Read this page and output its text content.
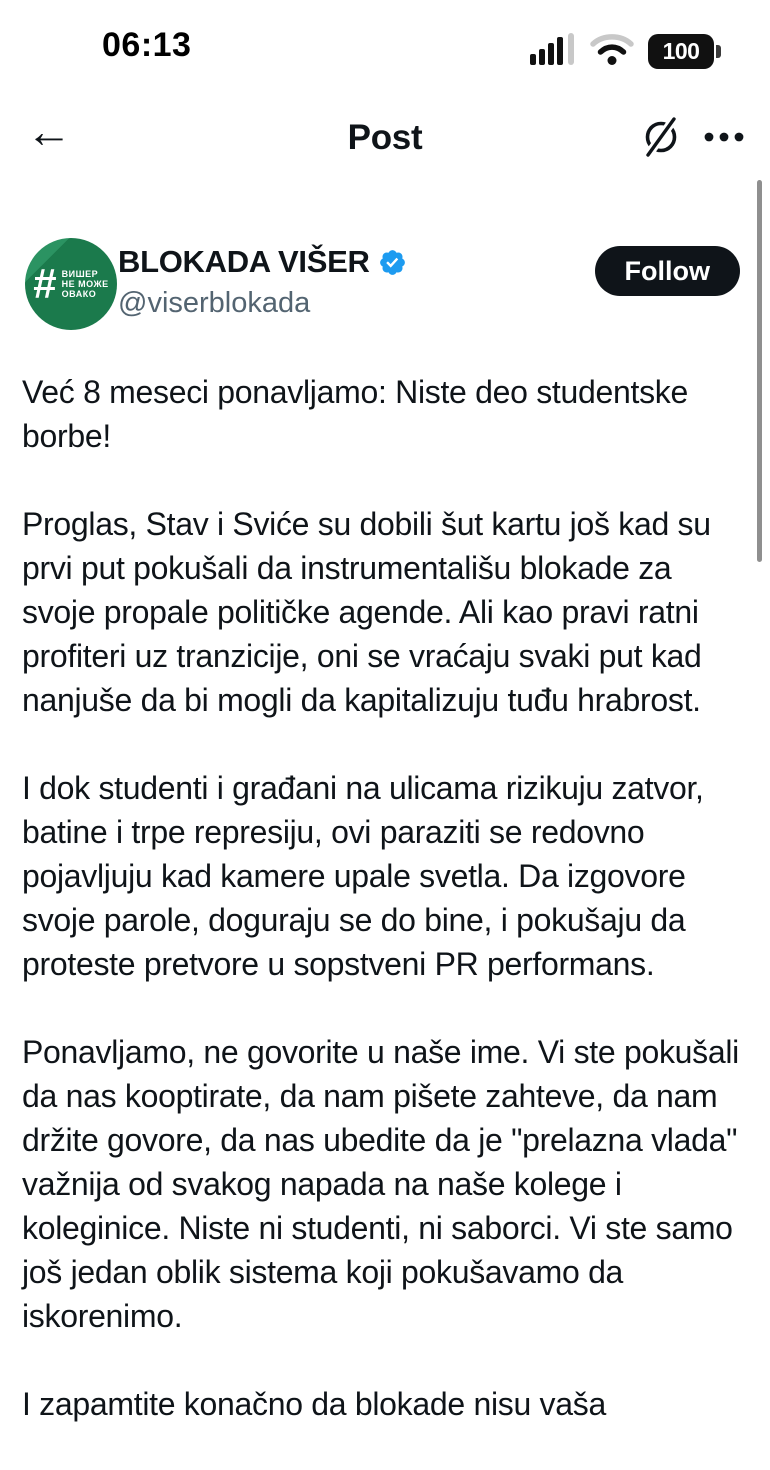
06:13	100
←	Post
# ВИШЕР
НЕ МОЖЕ
ОВАКО
BLOKADA VIŠER
@viserblokada
Follow

Već 8 meseci ponavljamo: Niste deo studentske borbe!

Proglas, Stav i Sviće su dobili šut kartu još kad su prvi put pokušali da instrumentališu blokade za svoje propale političke agende. Ali kao pravi ratni profiteri uz tranzicije, oni se vraćaju svaki put kad nanjuše da bi mogli da kapitalizuju tuđu hrabrost.

I dok studenti i građani na ulicama rizikuju zatvor, batine i trpe represiju, ovi paraziti se redovno pojavljuju kad kamere upale svetla. Da izgovore svoje parole, doguraju se do bine, i pokušaju da proteste pretvore u sopstveni PR performans.

Ponavljamo, ne govorite u naše ime. Vi ste pokušali da nas kooptirate, da nam pišete zahteve, da nam držite govore, da nas ubedite da je "prelazna vlada" važnija od svakog napada na naše kolege i koleginice. Niste ni studenti, ni saborci. Vi ste samo još jedan oblik sistema koji pokušavamo da iskorenimo.

I zapamtite konačno da blokade nisu vaša
